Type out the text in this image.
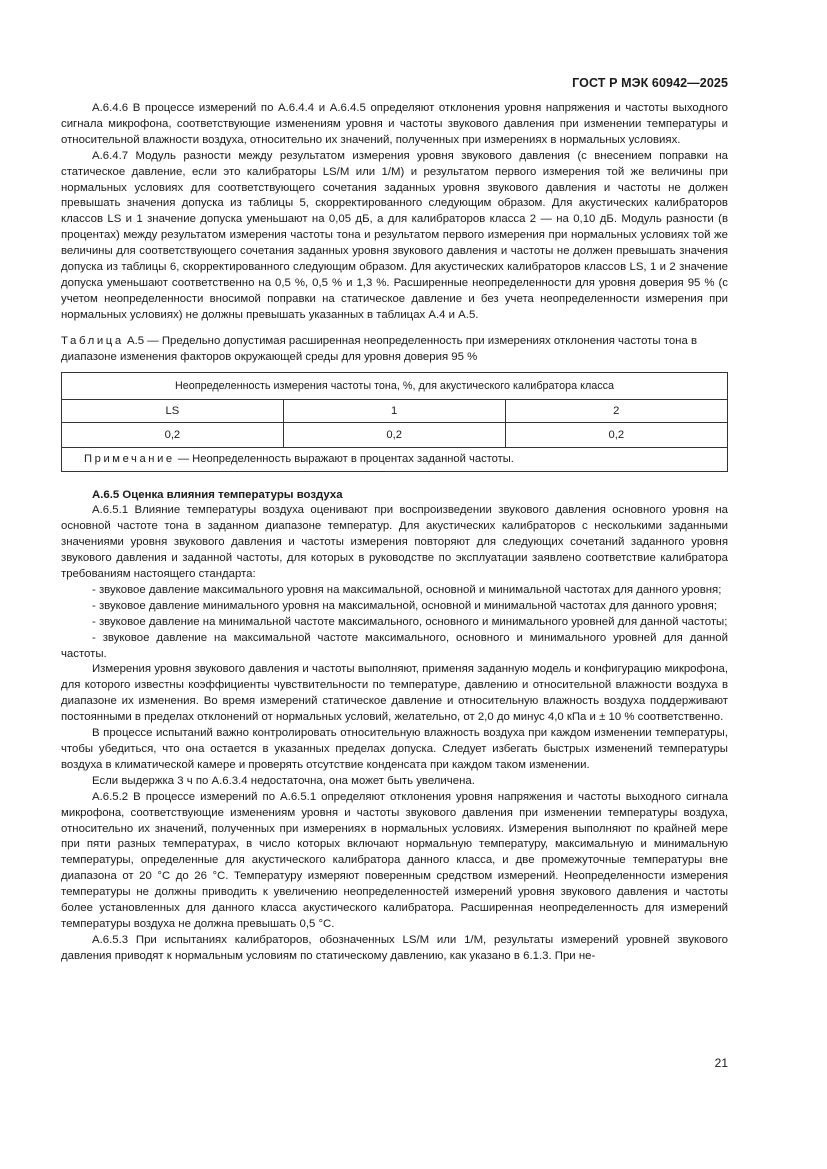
ГОСТ Р МЭК 60942—2025

А.6.4.6 В процессе измерений по А.6.4.4 и А.6.4.5 определяют отклонения уровня напряжения и частоты выходного сигнала микрофона, соответствующие изменениям уровня и частоты звукового давления при изменении температуры и относительной влажности воздуха, относительно их значений, полученных при измерениях в нормальных условиях.

А.6.4.7 Модуль разности между результатом измерения уровня звукового давления (с внесением поправки на статическое давление, если это калибраторы LS/M или 1/M) и результатом первого измерения той же величины при нормальных условиях для соответствующего сочетания заданных уровня звукового давления и частоты не должен превышать значения допуска из таблицы 5, скорректированного следующим образом. Для акустических калибраторов классов LS и 1 значение допуска уменьшают на 0,05 дБ, а для калибраторов класса 2 — на 0,10 дБ. Модуль разности (в процентах) между результатом измерения частоты тона и результатом первого измерения при нормальных условиях той же величины для соответствующего сочетания заданных уровня звукового давления и частоты не должен превышать значения допуска из таблицы 6, скорректированного следующим образом. Для акустических калибраторов классов LS, 1 и 2 значение допуска уменьшают соответственно на 0,5 %, 0,5 % и 1,3 %. Расширенные неопределенности для уровня доверия 95 % (с учетом неопределенности вносимой поправки на статическое давление и без учета неопределенности измерения при нормальных условиях) не должны превышать указанных в таблицах А.4 и А.5.

Таблица А.5 — Предельно допустимая расширенная неопределенность при измерениях отклонения частоты тона в диапазоне изменения факторов окружающей среды для уровня доверия 95 %
Неопределенность измерения частоты тона, %, для акустического калибратора класса		
LS	1	2
0,2	0,2	0,2
Примечание — Неопределенность выражают в процентах заданной частоты.		
А.6.5 Оценка влияния температуры воздуха

А.6.5.1 Влияние температуры воздуха оценивают при воспроизведении звукового давления основного уровня на основной частоте тона в заданном диапазоне температур. Для акустических калибраторов с несколькими заданными значениями уровня звукового давления и частоты измерения повторяют для следующих сочетаний заданного уровня звукового давления и заданной частоты, для которых в руководстве по эксплуатации заявлено соответствие калибратора требованиям настоящего стандарта:

- звуковое давление максимального уровня на максимальной, основной и минимальной частотах для данного уровня;

- звуковое давление минимального уровня на максимальной, основной и минимальной частотах для данного уровня;

- звуковое давление на минимальной частоте максимального, основного и минимального уровней для данной частоты;

- звуковое давление на максимальной частоте максимального, основного и минимального уровней для данной частоты.

Измерения уровня звукового давления и частоты выполняют, применяя заданную модель и конфигурацию микрофона, для которого известны коэффициенты чувствительности по температуре, давлению и относительной влажности воздуха в диапазоне их изменения. Во время измерений статическое давление и относительную влажность воздуха поддерживают постоянными в пределах отклонений от нормальных условий, желательно, от 2,0 до минус 4,0 кПа и ± 10 % соответственно.

В процессе испытаний важно контролировать относительную влажность воздуха при каждом изменении температуры, чтобы убедиться, что она остается в указанных пределах допуска. Следует избегать быстрых изменений температуры воздуха в климатической камере и проверять отсутствие конденсата при каждом таком изменении.

Если выдержка 3 ч по А.6.3.4 недостаточна, она может быть увеличена.

А.6.5.2 В процессе измерений по А.6.5.1 определяют отклонения уровня напряжения и частоты выходного сигнала микрофона, соответствующие изменениям уровня и частоты звукового давления при изменении температуры воздуха, относительно их значений, полученных при измерениях в нормальных условиях. Измерения выполняют по крайней мере при пяти разных температурах, в число которых включают нормальную температуру, максимальную и минимальную температуры, определенные для акустического калибратора данного класса, и две промежуточные температуры вне диапазона от 20 °С до 26 °С. Температуру измеряют поверенным средством измерений. Неопределенности измерения температуры не должны приводить к увеличению неопределенностей измерений уровня звукового давления и частоты более установленных для данного класса акустического калибратора. Расширенная неопределенность для измерений температуры воздуха не должна превышать 0,5 °С.

А.6.5.3 При испытаниях калибраторов, обозначенных LS/M или 1/M, результаты измерений уровней звукового давления приводят к нормальным условиям по статическому давлению, как указано в 6.1.3. При не-

21
